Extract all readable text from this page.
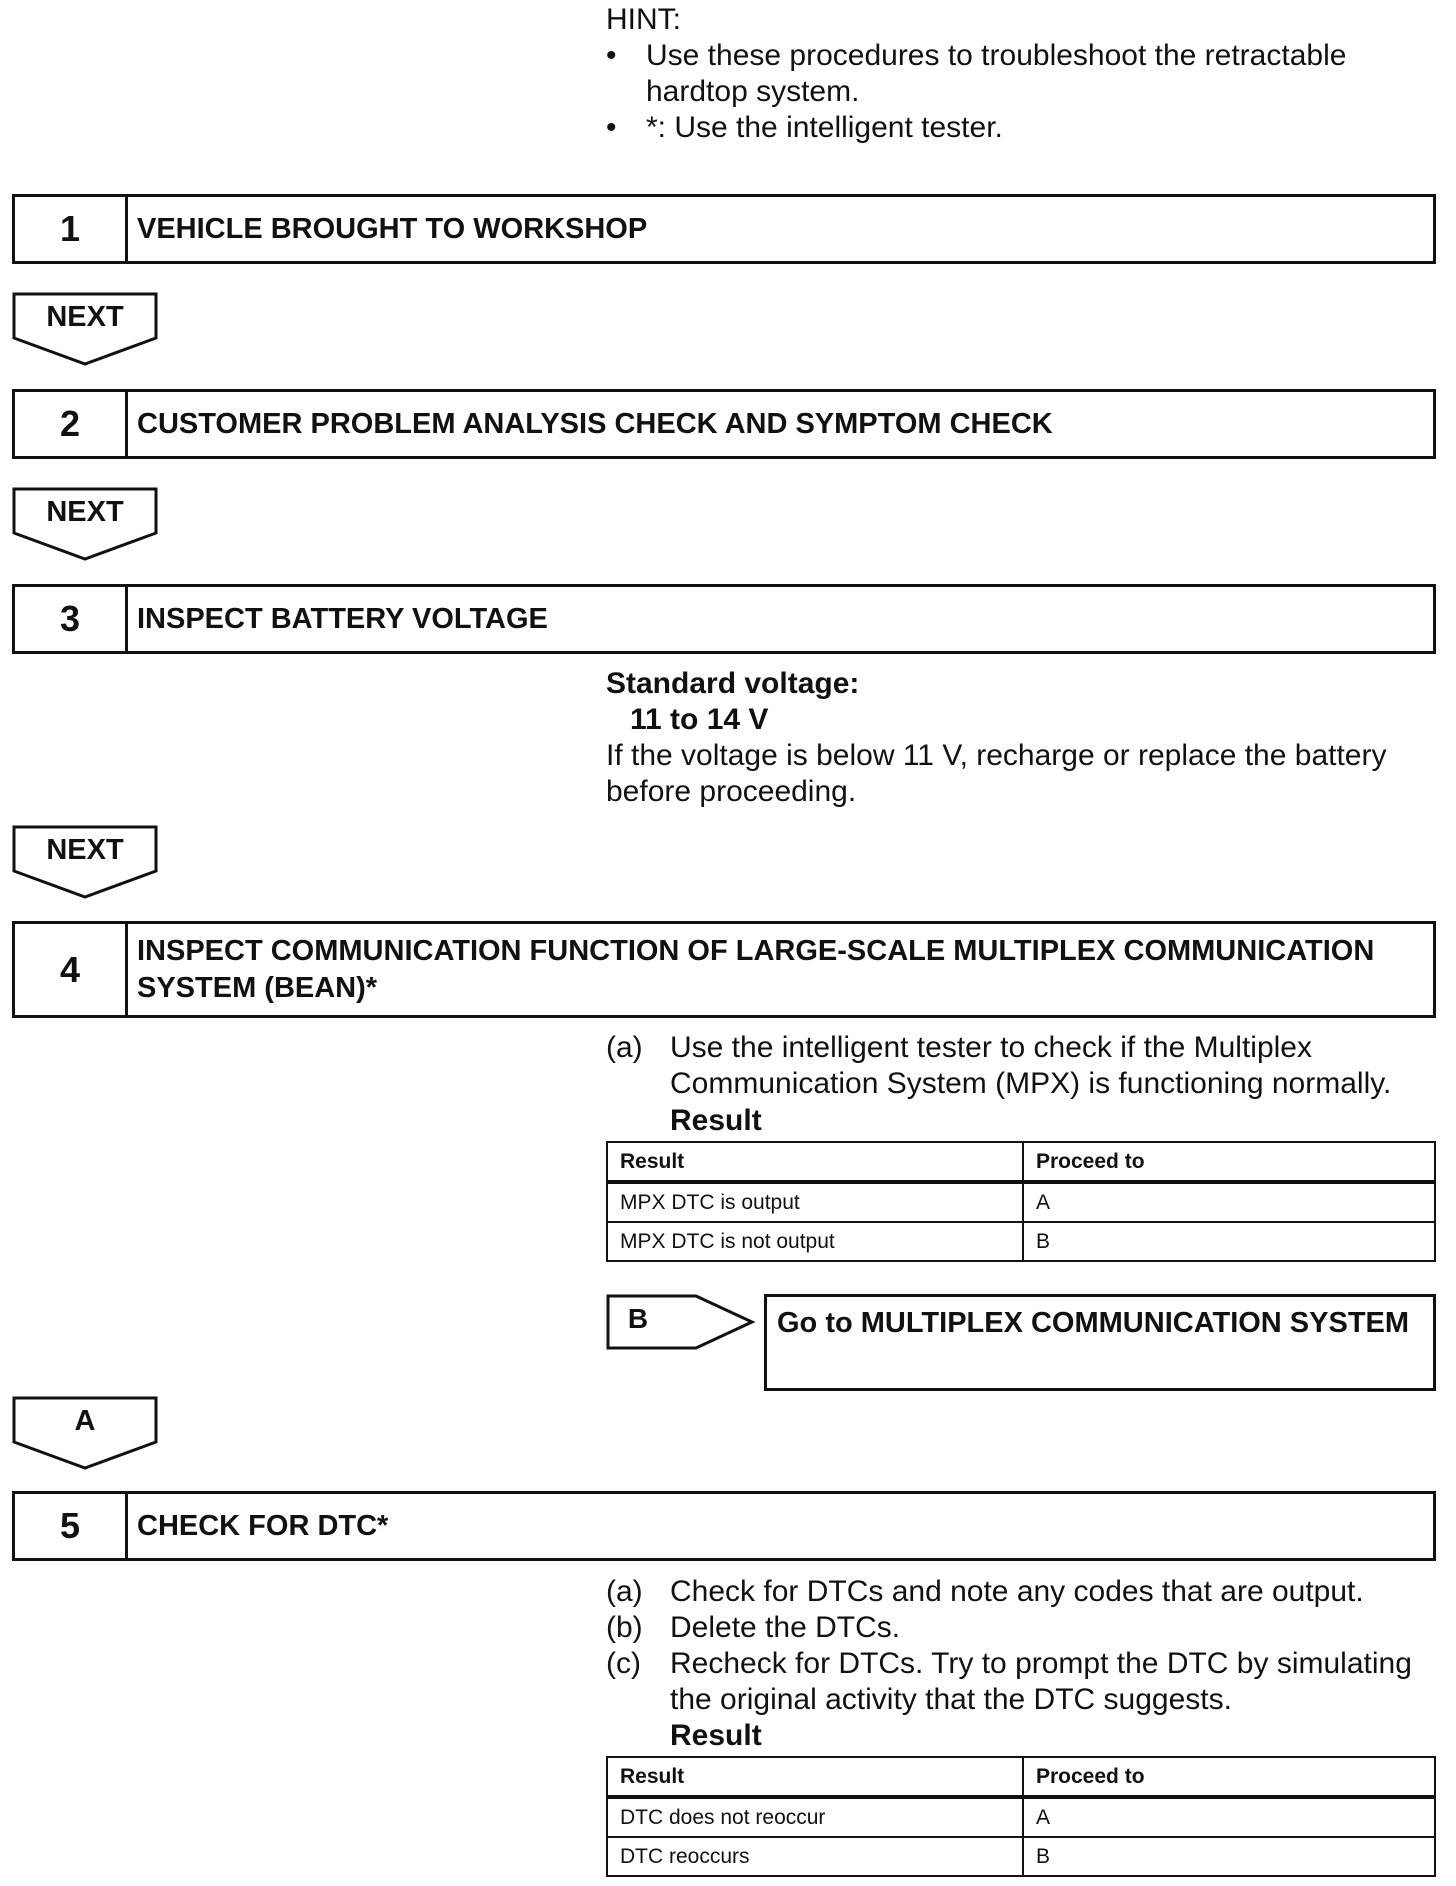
HINT:
• Use these procedures to troubleshoot the retractable hardtop system.
• *: Use the intelligent tester.
1	VEHICLE BROUGHT TO WORKSHOP
NEXT
2	CUSTOMER PROBLEM ANALYSIS CHECK AND SYMPTOM CHECK
NEXT
3	INSPECT BATTERY VOLTAGE
Standard voltage:
11 to 14 V
If the voltage is below 11 V, recharge or replace the battery before proceeding.
NEXT
4	INSPECT COMMUNICATION FUNCTION OF LARGE-SCALE MULTIPLEX COMMUNICATION SYSTEM (BEAN)*
(a) Use the intelligent tester to check if the Multiplex Communication System (MPX) is functioning normally.
Result
Result	Proceed to
MPX DTC is output	A
MPX DTC is not output	B
B	Go to MULTIPLEX COMMUNICATION SYSTEM
A
5	CHECK FOR DTC*
(a) Check for DTCs and note any codes that are output.
(b) Delete the DTCs.
(c) Recheck for DTCs. Try to prompt the DTC by simulating the original activity that the DTC suggests.
Result
Result	Proceed to
DTC does not reoccur	A
DTC reoccurs	B
